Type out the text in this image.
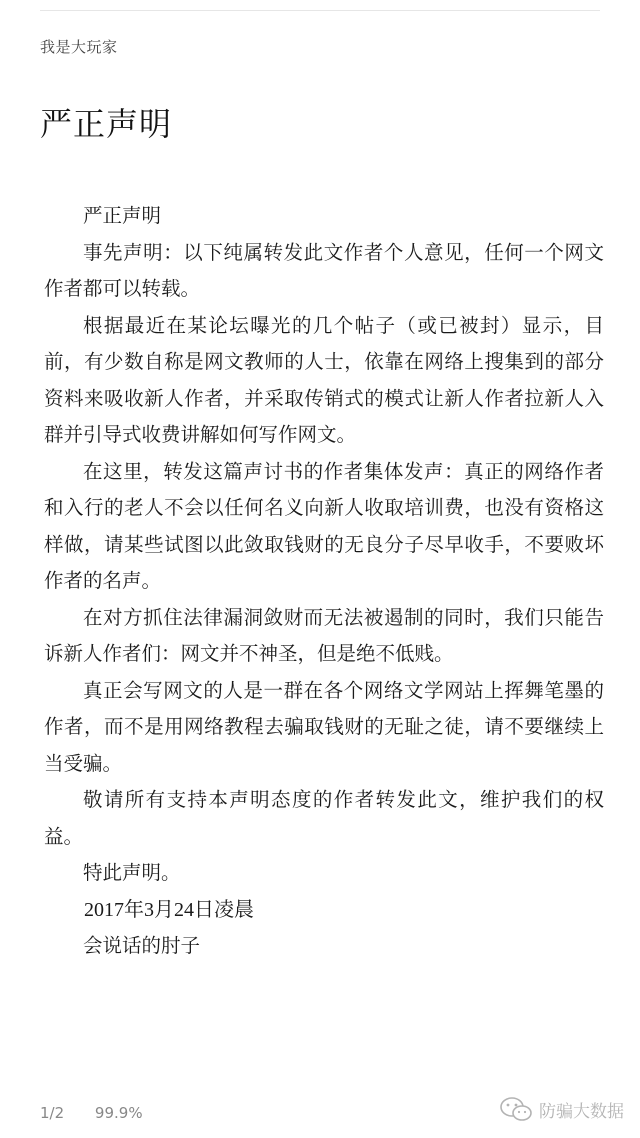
我是大玩家
严正声明

严正声明

事先声明：以下纯属转发此文作者个人意见，任何一个网文作者都可以转载。

根据最近在某论坛曝光的几个帖子（或已被封）显示，目前，有少数自称是网文教师的人士，依靠在网络上搜集到的部分资料来吸收新人作者，并采取传销式的模式让新人作者拉新人入群并引导式收费讲解如何写作网文。

在这里，转发这篇声讨书的作者集体发声：真正的网络作者和入行的老人不会以任何名义向新人收取培训费，也没有资格这样做，请某些试图以此敛取钱财的无良分子尽早收手，不要败坏作者的名声。

在对方抓住法律漏洞敛财而无法被遏制的同时，我们只能告诉新人作者们：网文并不神圣，但是绝不低贱。

真正会写网文的人是一群在各个网络文学网站上挥舞笔墨的作者，而不是用网络教程去骗取钱财的无耻之徒，请不要继续上当受骗。

敬请所有支持本声明态度的作者转发此文，维护我们的权益。

特此声明。

2017年3月24日凌晨

会说话的肘子

1/2 99.9%	防骗大数据
